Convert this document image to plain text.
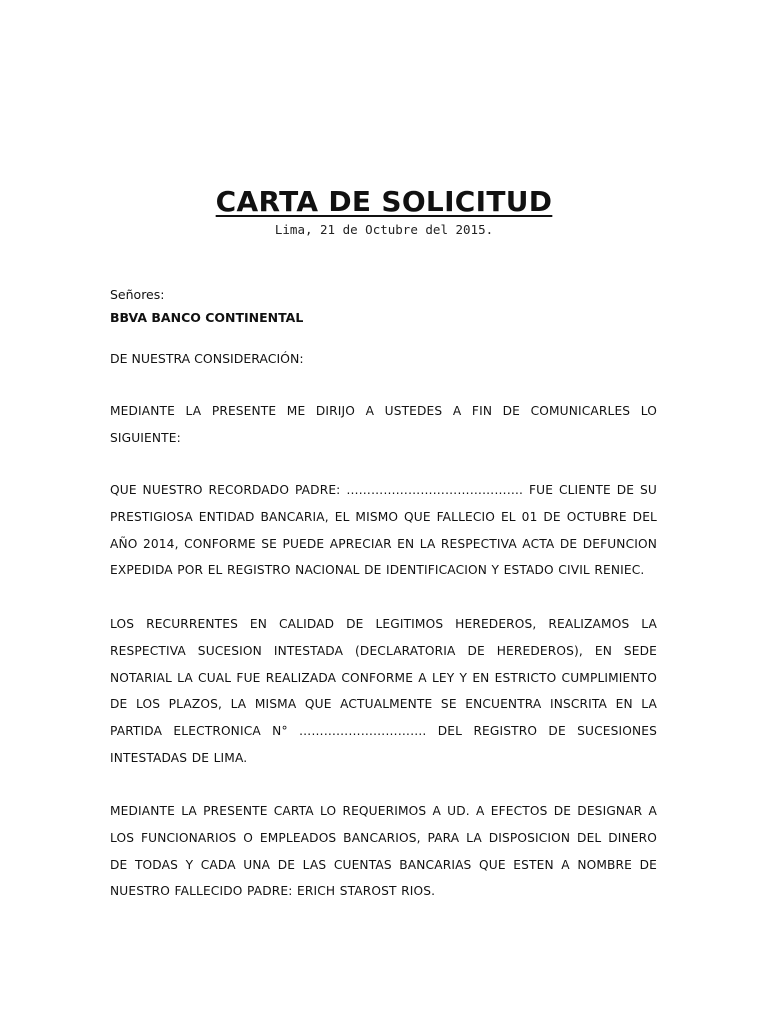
CARTA DE SOLICITUD
Lima, 21 de Octubre del 2015.
Señores:
BBVA BANCO CONTINENTAL
DE NUESTRA CONSIDERACIÓN:
MEDIANTE LA PRESENTE ME DIRIJO A USTEDES A FIN DE COMUNICARLES LO SIGUIENTE:
QUE NUESTRO RECORDADO PADRE: ……………………………………. FUE CLIENTE DE SU PRESTIGIOSA ENTIDAD BANCARIA, EL MISMO QUE FALLECIO EL 01 DE OCTUBRE DEL AÑO 2014, CONFORME SE PUEDE APRECIAR EN LA RESPECTIVA ACTA DE DEFUNCION EXPEDIDA POR EL REGISTRO NACIONAL DE IDENTIFICACION Y ESTADO CIVIL RENIEC.
LOS RECURRENTES EN CALIDAD DE LEGITIMOS HEREDEROS, REALIZAMOS LA RESPECTIVA SUCESION INTESTADA (DECLARATORIA DE HEREDEROS), EN SEDE NOTARIAL LA CUAL FUE REALIZADA CONFORME A LEY Y EN ESTRICTO CUMPLIMIENTO DE LOS PLAZOS, LA MISMA QUE ACTUALMENTE SE ENCUENTRA INSCRITA EN LA PARTIDA ELECTRONICA N° …………………………. DEL REGISTRO DE SUCESIONES INTESTADAS DE LIMA.
MEDIANTE LA PRESENTE CARTA LO REQUERIMOS A UD. A EFECTOS DE DESIGNAR A LOS FUNCIONARIOS O EMPLEADOS BANCARIOS, PARA LA DISPOSICION DEL DINERO DE TODAS Y CADA UNA DE LAS CUENTAS BANCARIAS QUE ESTEN A NOMBRE DE NUESTRO FALLECIDO PADRE: ERICH STAROST RIOS.
